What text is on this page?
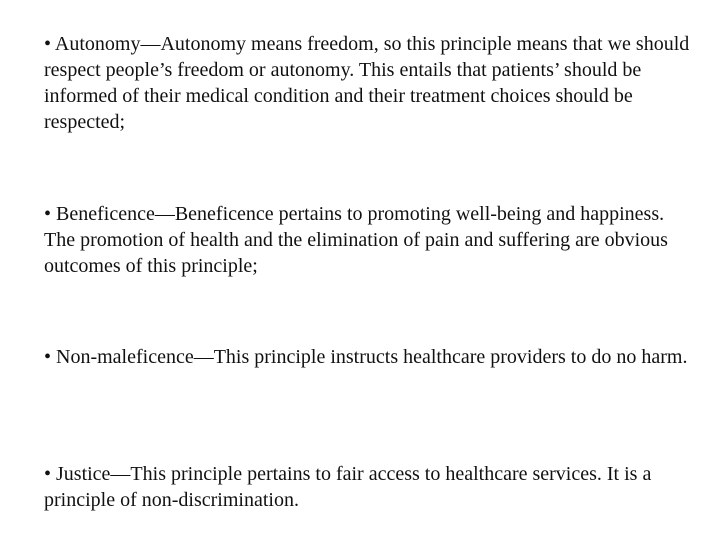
• Autonomy—Autonomy means freedom, so this principle means that we should respect people’s freedom or autonomy. This entails that patients’ should be informed of their medical condition and their treatment choices should be respected;

• Beneficence—Beneficence pertains to promoting well-being and happiness. The promotion of health and the elimination of pain and suffering are obvious outcomes of this principle;

• Non-maleficence—This principle instructs healthcare providers to do no harm.

• Justice—This principle pertains to fair access to healthcare services. It is a principle of non-discrimination.
